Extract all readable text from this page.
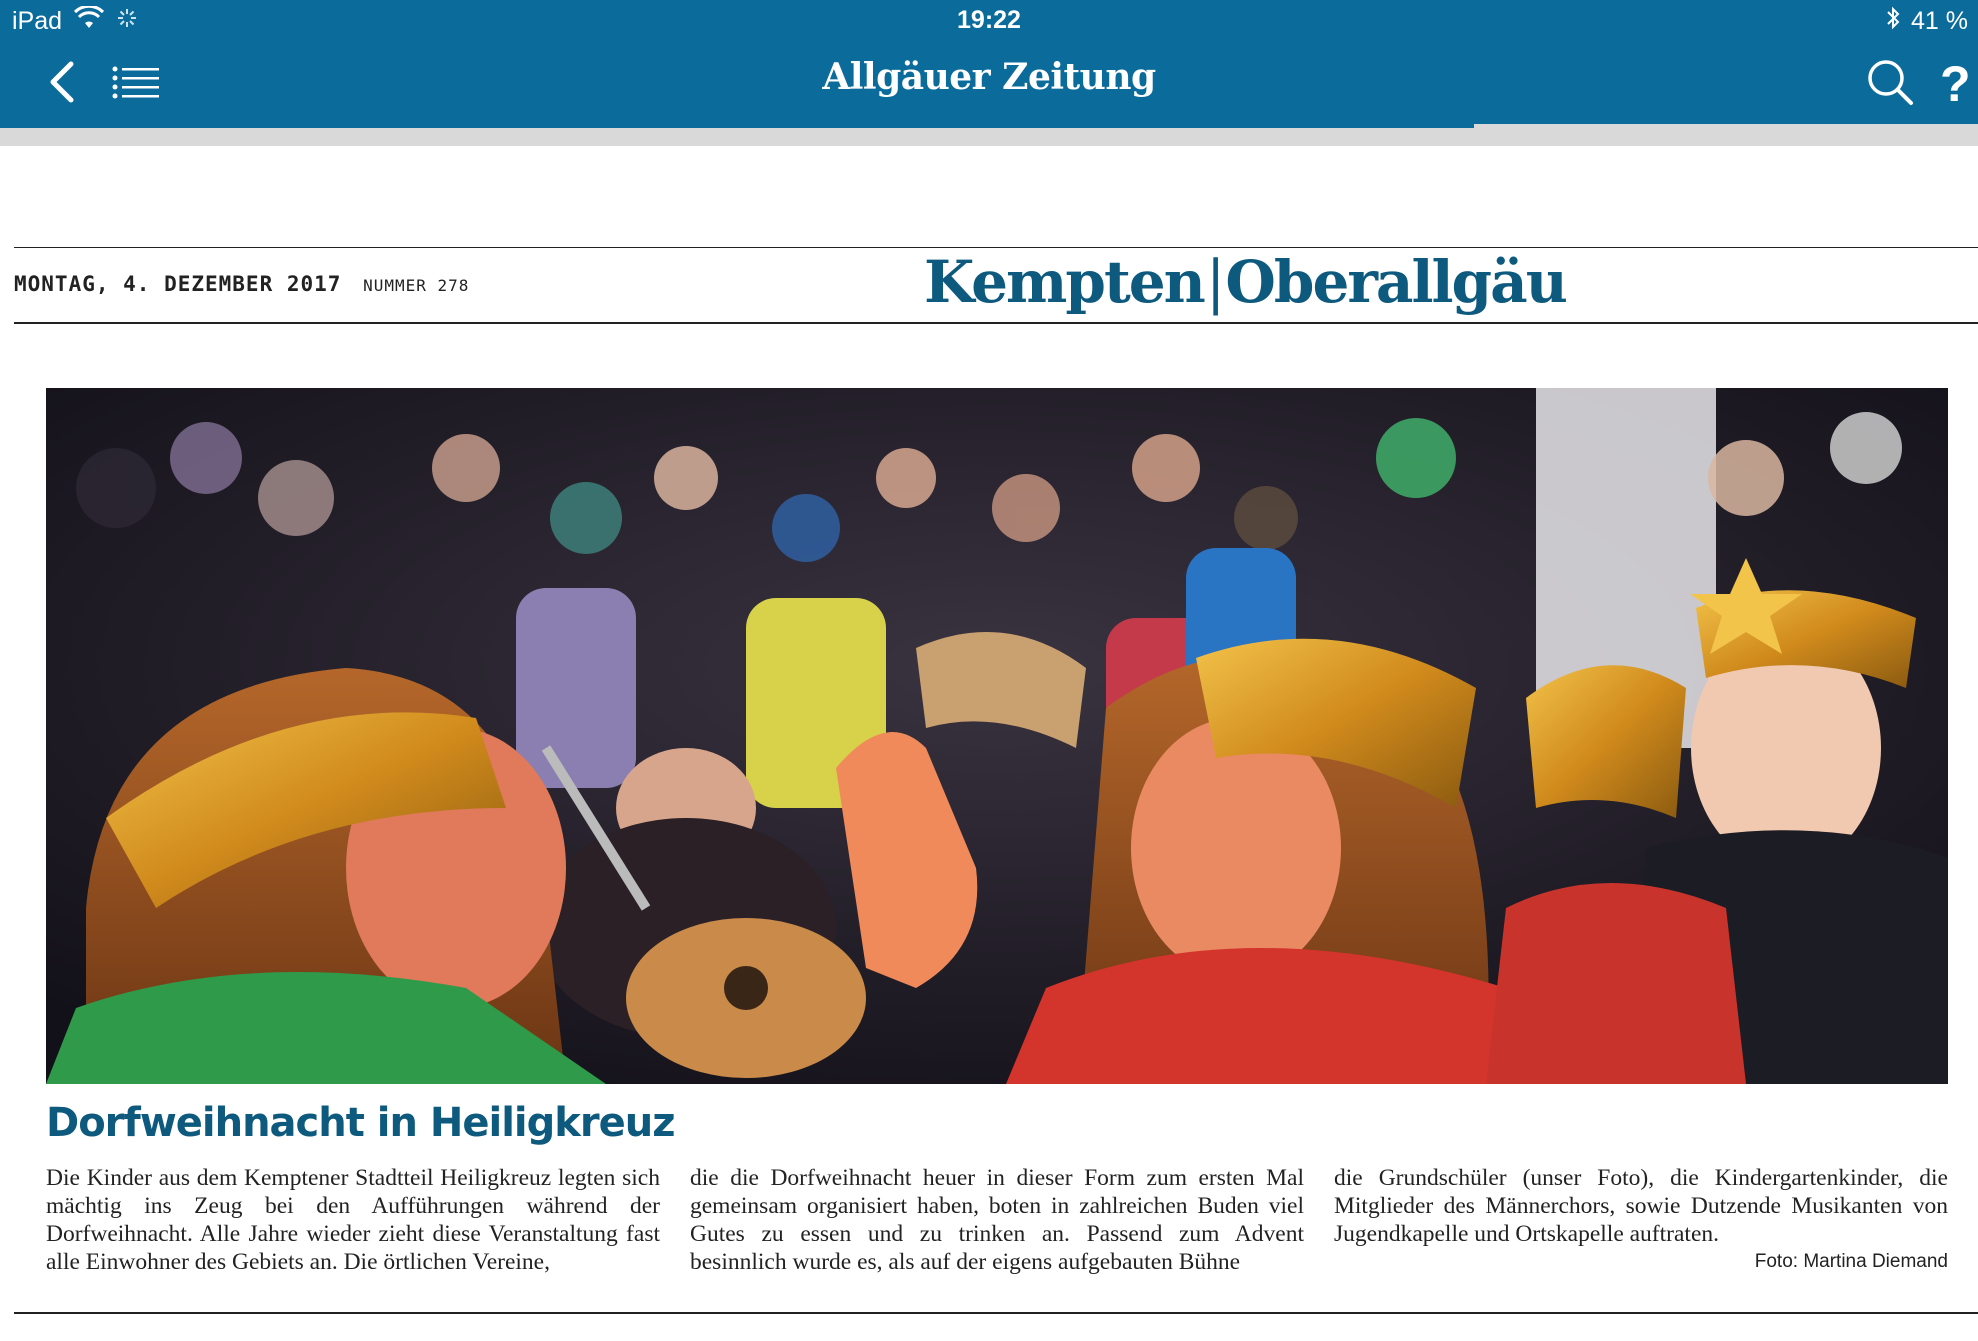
iPad	19:22	41 %
Allgäuer Zeitung	?
MONTAG, 4. DEZEMBER 2017 NUMMER 278	Kempten|Oberallgäu
Dorfweihnacht in Heiligkreuz
Die Kinder aus dem Kemptener Stadtteil Heiligkreuz legten sich mächtig ins Zeug bei den Aufführungen während der Dorfweihnacht. Alle Jahre wieder zieht diese Veranstaltung fast alle Einwohner des Gebiets an. Die örtlichen Vereine,
die die Dorfweihnacht heuer in dieser Form zum ersten Mal gemeinsam organisiert haben, boten in zahlreichen Buden viel Gutes zu essen und zu trinken an. Passend zum Advent besinnlich wurde es, als auf der eigens aufgebauten Bühne
die Grundschüler (unser Foto), die Kindergartenkinder, die Mitglieder des Männerchors, sowie Dutzende Musikanten von Jugendkapelle und Ortskapelle auftraten.
Foto: Martina Diemand
